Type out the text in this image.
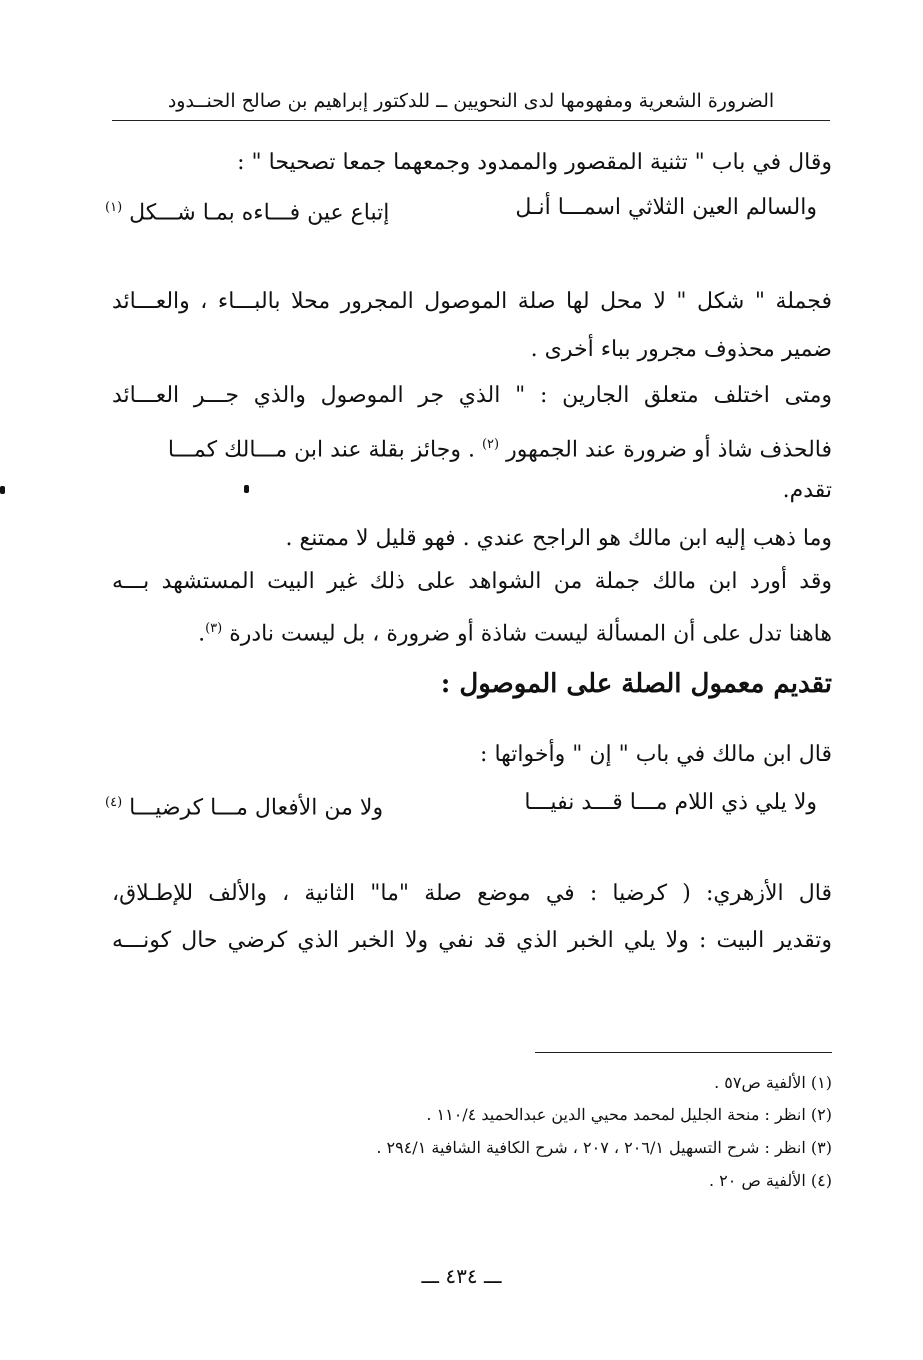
الضرورة الشعرية ومفهومها لدى النحويين ــ للدكتور إبراهيم بن صالح الحنــدود
وقال في باب " تثنية المقصور والممدود وجمعهما جمعا تصحيحا " :
والسالم العين الثلاثي اسمـــا أنـل
إتباع عين فـــاءه بمـا شـــكل $^{(١)}$
فجملة " شكل " لا محل لها صلة الموصول المجرور محلا بالبـــاء ، والعـــائد
ضمير محذوف مجرور بباء أخرى .
ومتى اختلف متعلق الجارين : " الذي جر الموصول والذي جـــر العـــائد
فالحذف شاذ أو ضرورة عند الجمهور $^{(٢)}$ . وجائز بقلة عند ابن مـــالك كمـــا
تقدم.
وما ذهب إليه ابن مالك هو الراجح عندي . فهو قليل لا ممتنع .
وقد أورد ابن مالك جملة من الشواهد على ذلك غير البيت المستشهد بـــه
هاهنا تدل على أن المسألة ليست شاذة أو ضرورة ، بل ليست نادرة $^{(٣)}$.
تقديم معمول الصلة على الموصول :
قال ابن مالك في باب " إن " وأخواتها :
ولا يلي ذي اللام مـــا قـــد نفيـــا
ولا من الأفعال مـــا كرضيـــا $^{(٤)}$
قال الأزهري: ( كرضيا : في موضع صلة "ما" الثانية ، والألف للإطـلاق،
وتقدير البيت : ولا يلي الخبر الذي قد نفي ولا الخبر الذي كرضي حال كونـــه
(١) الألفية ص٥٧ .
(٢) انظر : منحة الجليل لمحمد محيي الدين عبدالحميد ١١٠/٤ .
(٣) انظر : شرح التسهيل ٢٠٦/١ ، ٢٠٧ ، شرح الكافية الشافية ٢٩٤/١ .
(٤) الألفية ص ٢٠ .
ـــ ٤٣٤ ـــ
